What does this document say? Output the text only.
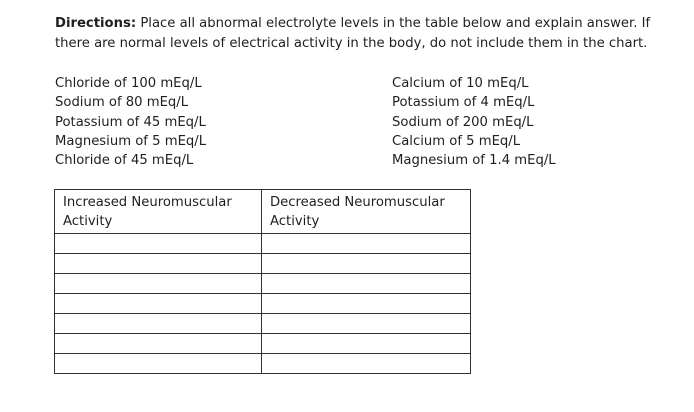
Directions: Place all abnormal electrolyte levels in the table below and explain answer. If there are normal levels of electrical activity in the body, do not include them in the chart.
Chloride of 100 mEq/L
Sodium of 80 mEq/L
Potassium of 45 mEq/L
Magnesium of 5 mEq/L
Chloride of 45 mEq/L
Calcium of 10 mEq/L
Potassium of 4 mEq/L
Sodium of 200 mEq/L
Calcium of 5 mEq/L
Magnesium of 1.4 mEq/L
Increased Neuromuscular Activity	Decreased Neuromuscular Activity
